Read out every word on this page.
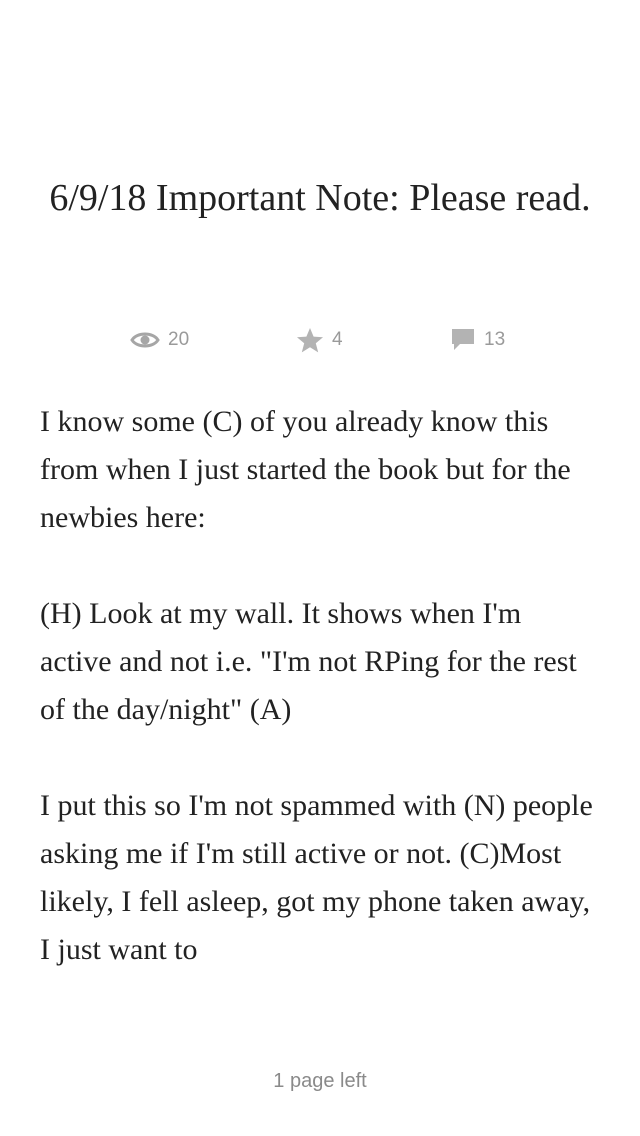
6/9/18 Important Note: Please read.
20	4	13

I know some (C) of you already know this from when I just started the book but for the newbies here:

(H) Look at my wall. It shows when I'm active and not i.e. "I'm not RPing for the rest of the day/night" (A)

I put this so I'm not spammed with (N) people asking me if I'm still active or not. (C)Most likely, I fell asleep, got my phone taken away, I just want to

1 page left
